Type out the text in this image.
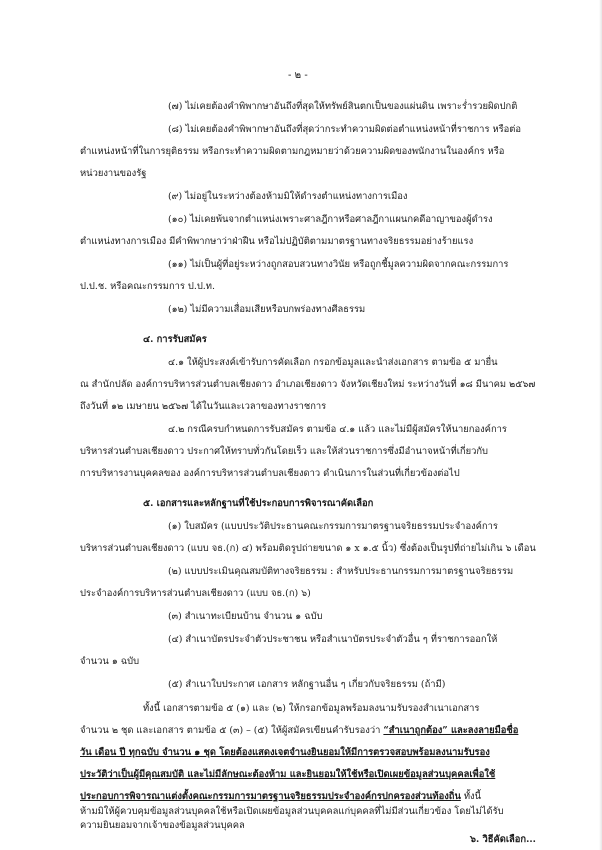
- ๒ -

(๗) ไม่เคยต้องคำพิพากษาอันถึงที่สุดให้ทรัพย์สินตกเป็นของแผ่นดิน เพราะร่ำรวยผิดปกติ

(๘) ไม่เคยต้องคำพิพากษาอันถึงที่สุดว่ากระทำความผิดต่อตำแหน่งหน้าที่ราชการ หรือต่อ

ตำแหน่งหน้าที่ในการยุติธรรม หรือกระทำความผิดตามกฎหมายว่าด้วยความผิดของพนักงานในองค์กร หรือ

หน่วยงานของรัฐ

(๙) ไม่อยู่ในระหว่างต้องห้ามมิให้ดำรงตำแหน่งทางการเมือง

(๑๐) ไม่เคยพ้นจากตำแหน่งเพราะศาลฎีกาหรือศาลฎีกาแผนกคดีอาญาของผู้ดำรง

ตำแหน่งทางการเมือง มีคำพิพากษาว่าฝ่าฝืน หรือไม่ปฏิบัติตามมาตรฐานทางจริยธรรมอย่างร้ายแรง

(๑๑) ไม่เป็นผู้ที่อยู่ระหว่างถูกสอบสวนทางวินัย หรือถูกชี้มูลความผิดจากคณะกรรมการ

ป.ป.ช. หรือคณะกรรมการ ป.ป.ท.

(๑๒) ไม่มีความเสื่อมเสียหรือบกพร่องทางศีลธรรม

๔. การรับสมัคร

๔.๑ ให้ผู้ประสงค์เข้ารับการคัดเลือก กรอกข้อมูลและนำส่งเอกสาร ตามข้อ ๕ มายื่น

ณ สำนักปลัด องค์การบริหารส่วนตำบลเชียงดาว อำเภอเชียงดาว จังหวัดเชียงใหม่ ระหว่างวันที่ ๑๘ มีนาคม ๒๕๖๗

ถึงวันที่ ๑๒ เมษายน ๒๕๖๗ ได้ในวันและเวลาของทางราชการ

๔.๒ กรณีครบกำหนดการรับสมัคร ตามข้อ ๔.๑ แล้ว และไม่มีผู้สมัครให้นายกองค์การ

บริหารส่วนตำบลเชียงดาว ประกาศให้ทราบทั่วกันโดยเร็ว และให้ส่วนราชการซึ่งมีอำนาจหน้าที่เกี่ยวกับ

การบริหารงานบุคคลของ องค์การบริหารส่วนตำบลเชียงดาว ดำเนินการในส่วนที่เกี่ยวข้องต่อไป

๕. เอกสารและหลักฐานที่ใช้ประกอบการพิจารณาคัดเลือก

(๑) ใบสมัคร (แบบประวัติประธานคณะกรรมการมาตรฐานจริยธรรมประจำองค์การ

บริหารส่วนตำบลเชียงดาว (แบบ จธ.(ก) ๔) พร้อมติดรูปถ่ายขนาด ๑ x ๑.๕ นิ้ว) ซึ่งต้องเป็นรูปที่ถ่ายไม่เกิน ๖ เดือน

(๒) แบบประเมินคุณสมบัติทางจริยธรรม : สำหรับประธานกรรมการมาตรฐานจริยธรรม

ประจำองค์การบริหารส่วนตำบลเชียงดาว (แบบ จธ.(ก) ๖)

(๓) สำเนาทะเบียนบ้าน จำนวน ๑ ฉบับ

(๔) สำเนาบัตรประจำตัวประชาชน หรือสำเนาบัตรประจำตัวอื่น ๆ ที่ราชการออกให้

จำนวน ๑ ฉบับ

(๕) สำเนาใบประกาศ เอกสาร หลักฐานอื่น ๆ เกี่ยวกับจริยธรรม (ถ้ามี)

ทั้งนี้ เอกสารตามข้อ ๕ (๑) และ (๒) ให้กรอกข้อมูลพร้อมลงนามรับรองสำเนาเอกสาร

จำนวน ๒ ชุด และเอกสาร ตามข้อ ๕ (๓) – (๕) ให้ผู้สมัครเขียนคำรับรองว่า “สำเนาถูกต้อง” และลงลายมือชื่อ

วัน เดือน ปี ทุกฉบับ จำนวน ๑ ชุด โดยต้องแสดงเจตจำนงยินยอมให้มีการตรวจสอบพร้อมลงนามรับรอง

ประวัติว่าเป็นผู้มีคุณสมบัติ และไม่มีลักษณะต้องห้าม และยินยอมให้ใช้หรือเปิดเผยข้อมูลส่วนบุคคลเพื่อใช้

ประกอบการพิจารณาแต่งตั้งคณะกรรมการมาตรฐานจริยธรรมประจำองค์กรปกครองส่วนท้องถิ่น ทั้งนี้

ห้ามมิให้ผู้ควบคุมข้อมูลส่วนบุคคลใช้หรือเปิดเผยข้อมูลส่วนบุคคลแก่บุคคลที่ไม่มีส่วนเกี่ยวข้อง โดยไม่ได้รับ

ความยินยอมจากเจ้าของข้อมูลส่วนบุคคล

๖. วิธีคัดเลือก...
